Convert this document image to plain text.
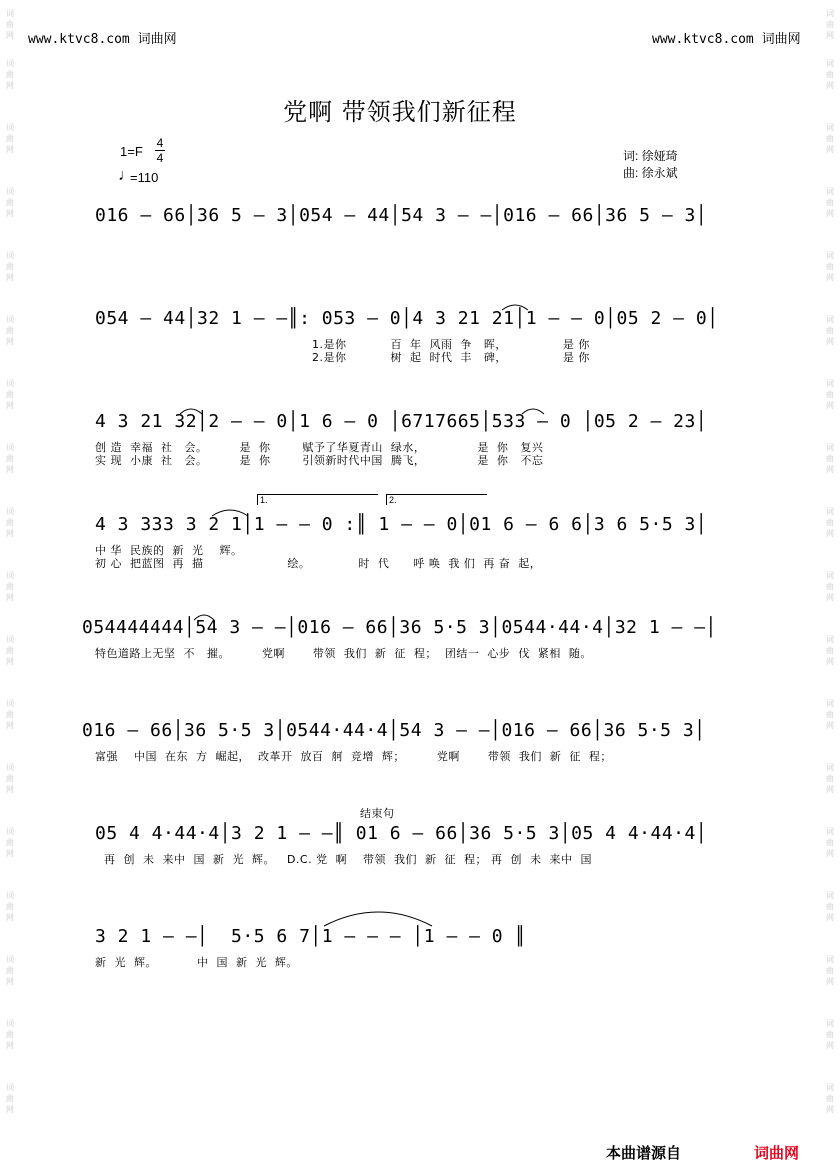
www.ktvc8.com 词曲网	www.ktvc8.com 词曲网
词曲网
词曲网
词曲网
词曲网
词曲网
词曲网
词曲网
词曲网
词曲网
词曲网
词曲网
词曲网
词曲网
词曲网
词曲网
词曲网
词曲网
词曲网
词曲网
词曲网
词曲网
词曲网
词曲网
词曲网
词曲网
词曲网
词曲网
词曲网
词曲网
词曲网
词曲网
词曲网
词曲网
词曲网
词曲网
词曲网
党啊 带领我们新征程
1=F
4
4
♩
=110
词: 徐娅琦
曲: 徐永斌
016 – 66│36 5 – 3│054 – 44│54 3 – –│016 – 66│36 5 – 3│
054 – 44│32 1 – –║: 053 – 0│4 3 21 21│1 – – 0│05 2 – 0│
1.是你           百  年  风雨  争   晖，              是 你
2.是你           树  起  时代  丰   碑，              是 你
4 3 21 32│2 – – 0│1 6 – 0 │6717665│533 – 0 │05 2 – 23│
创 造  幸福  社   会。        是  你        赋予了华夏青山  绿水，             是  你   复兴
实 现  小康  社   会。        是  你        引领新时代中国  腾飞，             是  你   不忘
1.	2.
4 3 333 3 2 1│1 – – 0 :║ 1 – – 0│01 6 – 6 6│3 6 5·5 3│
中 华  民族的  新  光    辉。
初 心  把蓝图  再  描                     绘。            时  代      呼 唤  我 们  再 奋  起，
054444444│54 3 – –│016 – 66│36 5·5 3│0544·44·4│32 1 – –│
特色道路上无坚  不   摧。        党啊       带领  我们  新  征  程；  团结一  心步  伐  紧相  随。
016 – 66│36 5·5 3│0544·44·4│54 3 – –│016 – 66│36 5·5 3│
富强    中国  在东  方  崛起，  改革开  放百  舸  竞增  辉；        党啊       带领  我们  新  征  程；
结束句
05 4 4·44·4│3 2 1 – –║ 01 6 – 66│36 5·5 3│05 4 4·44·4│
再  创  未  来中  国  新  光  辉。   D.C. 党  啊    带领  我们  新  征  程； 再  创  未  来中  国
3 2 1 – –│  5·5 6 7│1 – – – │1 – – 0 ║
新  光  辉。          中  国  新  光  辉。
本曲谱源自	词曲网
